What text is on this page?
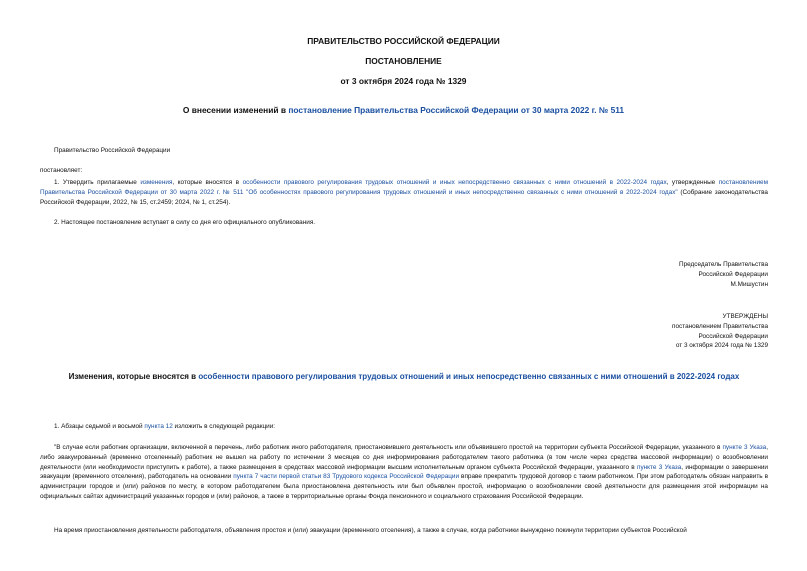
ПРАВИТЕЛЬСТВО РОССИЙСКОЙ ФЕДЕРАЦИИ
ПОСТАНОВЛЕНИЕ
от 3 октября 2024 года № 1329
О внесении изменений в постановление Правительства Российской Федерации от 30 марта 2022 г. № 511
Правительство Российской Федерации
постановляет:
1. Утвердить прилагаемые изменения, которые вносятся в особенности правового регулирования трудовых отношений и иных непосредственно связанных с ними отношений в 2022-2024 годах, утвержденные постановлением Правительства Российской Федерации от 30 марта 2022 г. № 511 "Об особенностях правового регулирования трудовых отношений и иных непосредственно связанных с ними отношений в 2022-2024 годах" (Собрание законодательства Российской Федерации, 2022, № 15, ст.2459; 2024, № 1, ст.254).
2. Настоящее постановление вступает в силу со дня его официального опубликования.
Председатель Правительства
Российской Федерации
М.Мишустин
УТВЕРЖДЕНЫ
постановлением Правительства
Российской Федерации
от 3 октября 2024 года № 1329
Изменения, которые вносятся в особенности правового регулирования трудовых отношений и иных непосредственно связанных с ними отношений в 2022-2024 годах
1. Абзацы седьмой и восьмой пункта 12 изложить в следующей редакции:
"В случае если работник организации, включенной в перечень, либо работник иного работодателя, приостановившего деятельность или объявившего простой на территории субъекта Российской Федерации, указанного в пункте 3 Указа, либо эвакуированный (временно отселенный) работник не вышел на работу по истечении 3 месяцев со дня информирования работодателем такого работника (в том числе через средства массовой информации) о возобновлении деятельности (или необходимости приступить к работе), а также размещения в средствах массовой информации высшим исполнительным органом субъекта Российской Федерации, указанного в пункте 3 Указа, информации о завершении эвакуации (временного отселения), работодатель на основании пункта 7 части первой статьи 83 Трудового кодекса Российской Федерации вправе прекратить трудовой договор с таким работником. При этом работодатель обязан направить в администрации городов и (или) районов по месту, в котором работодателем была приостановлена деятельность или был объявлен простой, информацию о возобновлении своей деятельности для размещения этой информации на официальных сайтах администраций указанных городов и (или) районов, а также в территориальные органы Фонда пенсионного и социального страхования Российской Федерации.
На время приостановления деятельности работодателя, объявления простоя и (или) эвакуации (временного отселения), а также в случае, когда работники вынуждено покинули территории субъектов Российской
